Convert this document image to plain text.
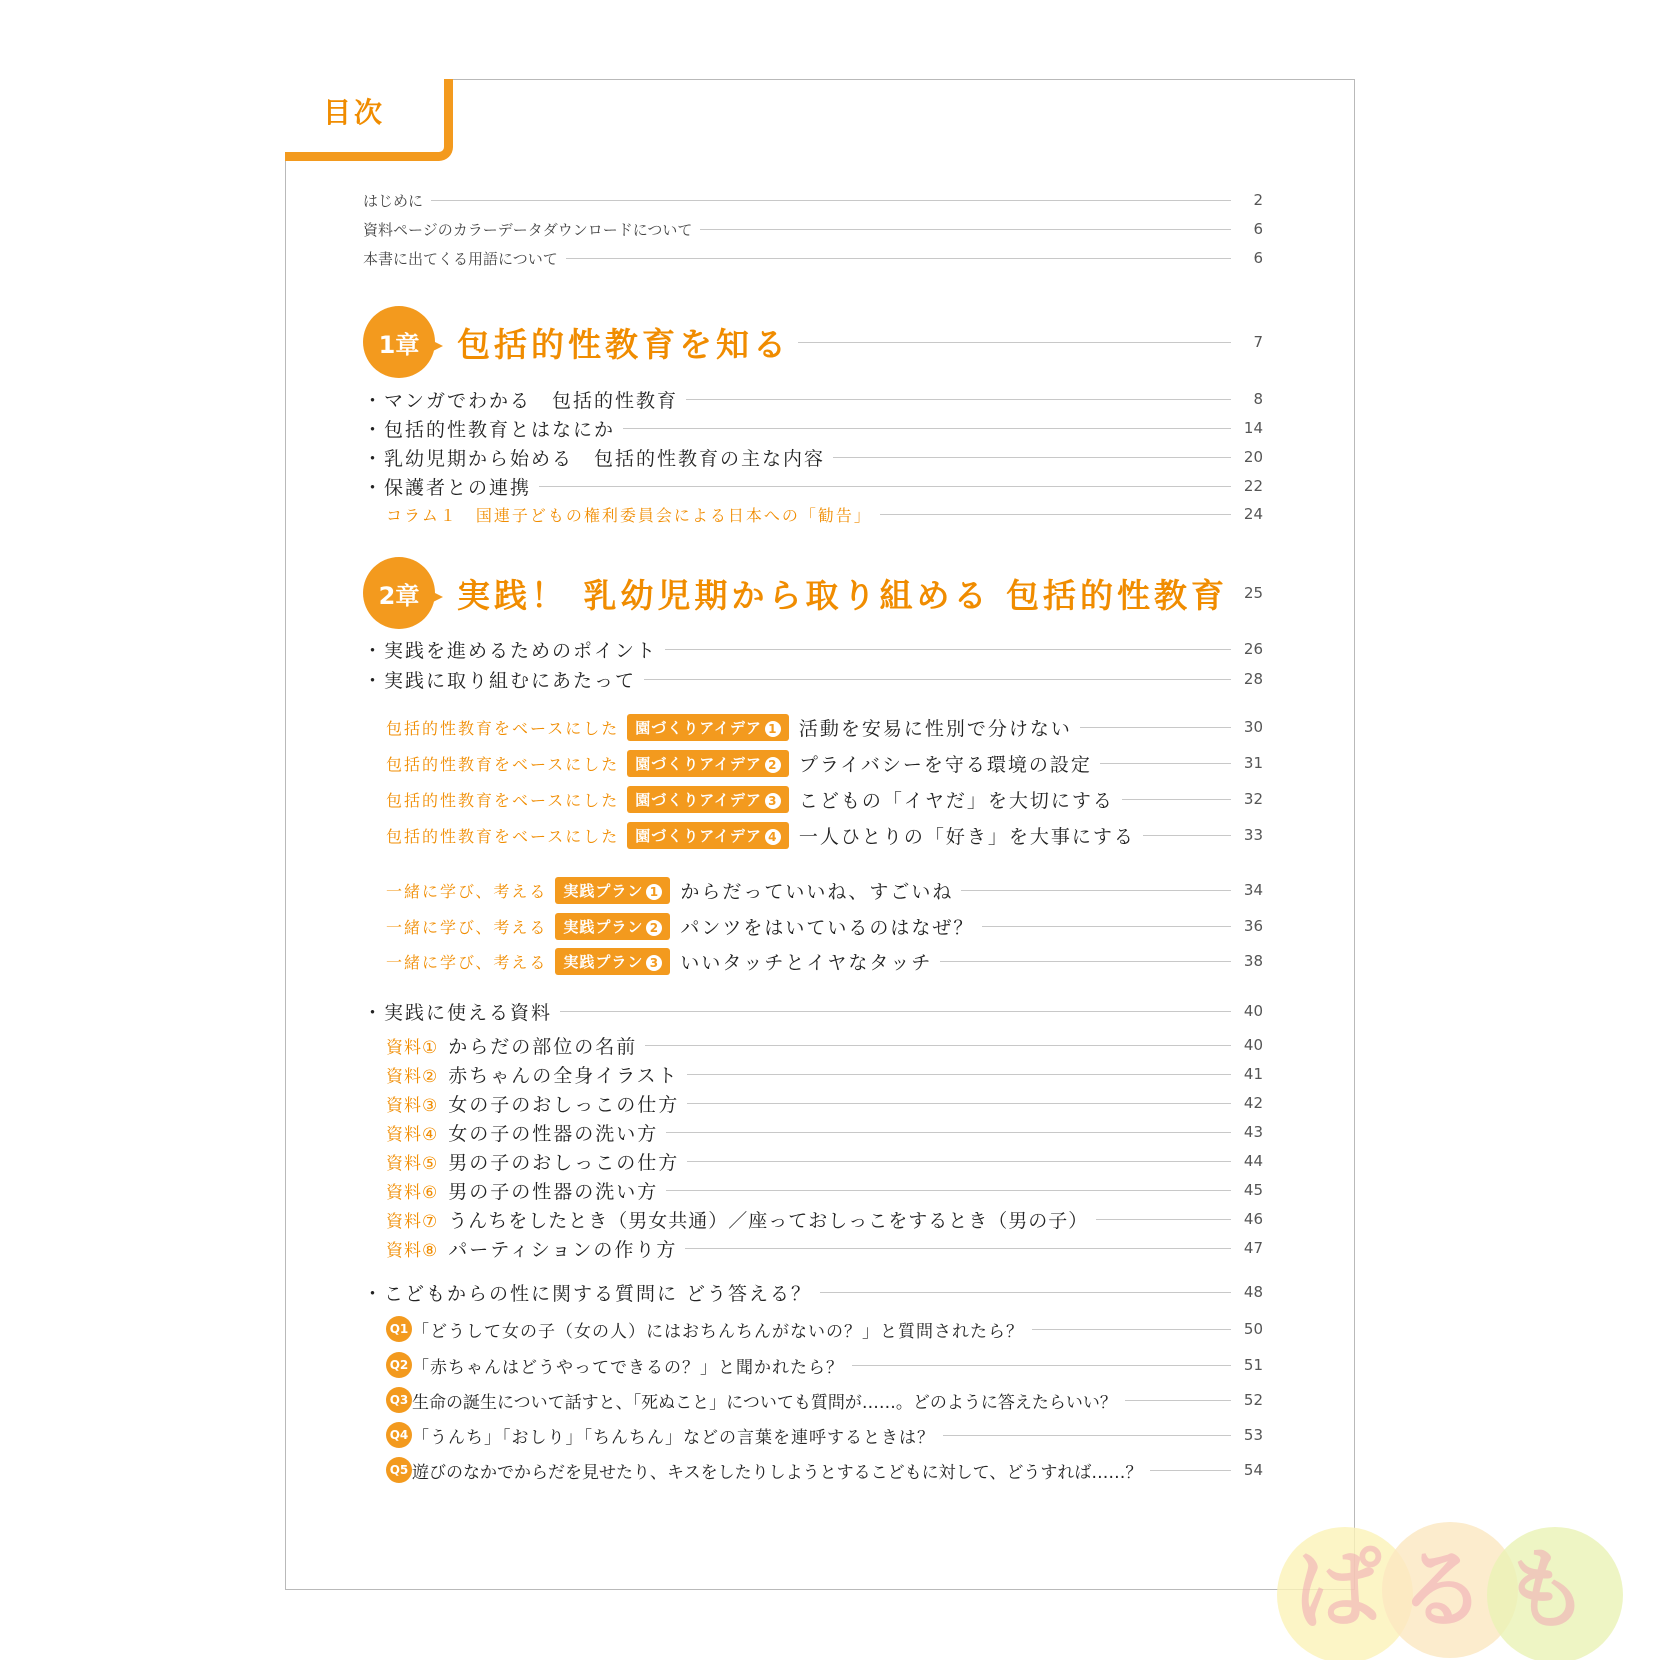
目次
はじめに	2
資料ページのカラーデータダウンロードについて	6
本書に出てくる用語について	6
1章	包括的性教育を知る	7
・マンガでわかる　包括的性教育	8
・包括的性教育とはなにか	14
・乳幼児期から始める　包括的性教育の主な内容	20
・保護者との連携	22
コラム１　国連子どもの権利委員会による日本への「勧告」	24
2章	実践！ 乳幼児期から取り組める 包括的性教育 25
・実践を進めるためのポイント	26
・実践に取り組むにあたって	28
包括的性教育をベースにした	園づくりアイデア 1	活動を安易に性別で分けない	30
包括的性教育をベースにした	園づくりアイデア 2	プライバシーを守る環境の設定	31
包括的性教育をベースにした	園づくりアイデア 3	こどもの「イヤだ」を大切にする	32
包括的性教育をベースにした	園づくりアイデア 4	一人ひとりの「好き」を大事にする	33
一緒に学び、考える	実践プラン 1	からだっていいね、すごいね	34
一緒に学び、考える	実践プラン 2	パンツをはいているのはなぜ？	36
一緒に学び、考える	実践プラン 3	いいタッチとイヤなタッチ	38
・実践に使える資料	40
資料① からだの部位の名前	40
資料② 赤ちゃんの全身イラスト	41
資料③ 女の子のおしっこの仕方	42
資料④ 女の子の性器の洗い方	43
資料⑤ 男の子のおしっこの仕方	44
資料⑥ 男の子の性器の洗い方	45
資料⑦ うんちをしたとき（男女共通）／座っておしっこをするとき（男の子）	46
資料⑧ パーティションの作り方	47
・こどもからの性に関する質問に どう答える？	48
Q1 「どうして女の子（女の人）にはおちんちんがないの？」と質問されたら？	50
Q2 「赤ちゃんはどうやってできるの？」と聞かれたら？	51
Q3 生命の誕生について話すと、「死ぬこと」についても質問が……。どのように答えたらいい？	52
Q4 「うんち」「おしり」「ちんちん」などの言葉を連呼するときは？	53
Q5 遊びのなかでからだを見せたり、キスをしたりしようとするこどもに対して、どうすれば……？	54
ぱるも
